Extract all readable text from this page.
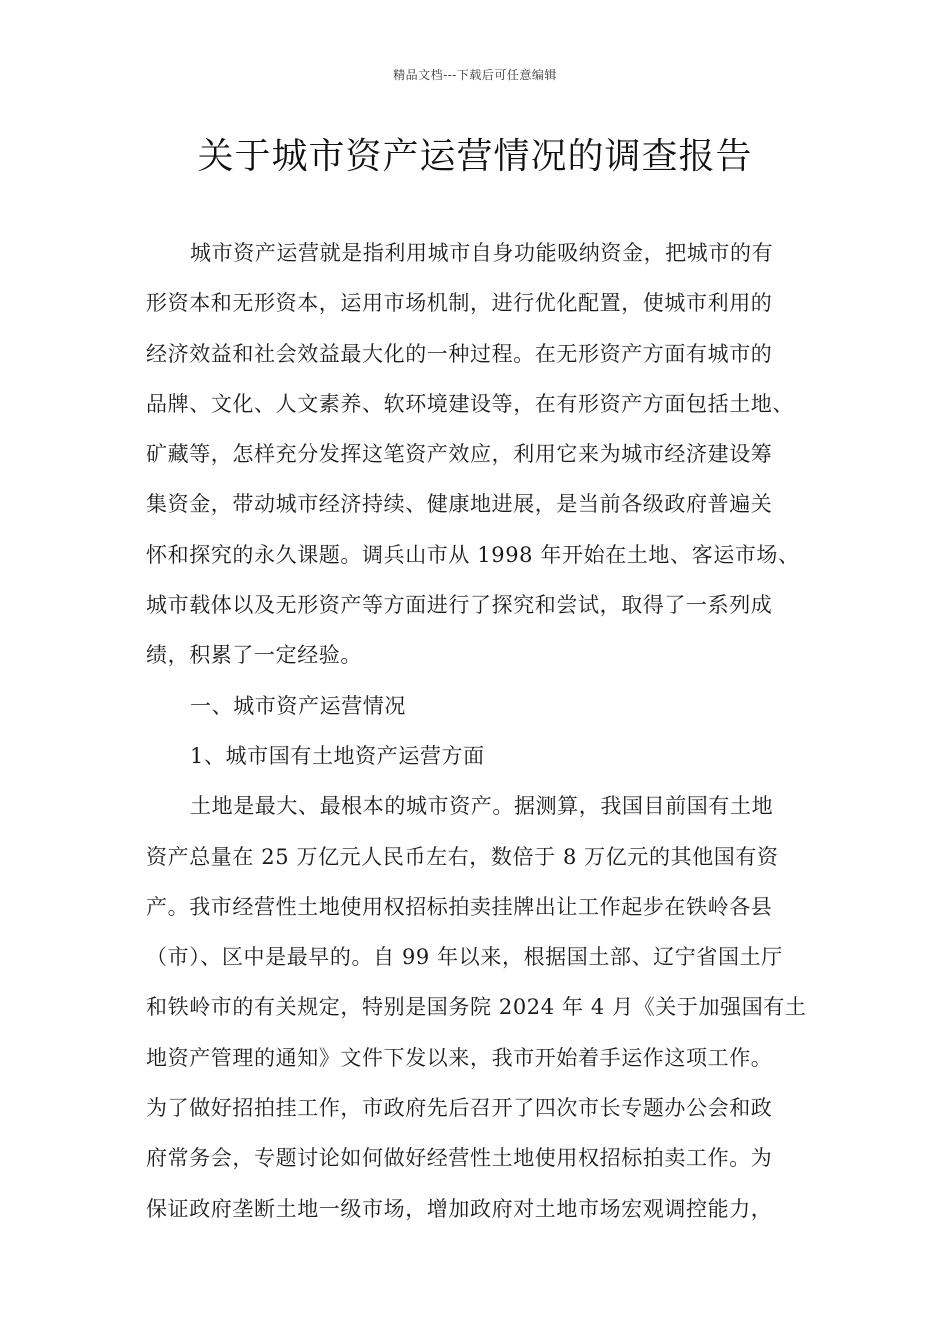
精品文档---下载后可任意编辑
关于城市资产运营情况的调查报告
城市资产运营就是指利用城市自身功能吸纳资金，把城市的有
形资本和无形资本，运用市场机制，进行优化配置，使城市利用的
经济效益和社会效益最大化的一种过程。在无形资产方面有城市的
品牌、文化、人文素养、软环境建设等，在有形资产方面包括土地、
矿藏等，怎样充分发挥这笔资产效应，利用它来为城市经济建设筹
集资金，带动城市经济持续、健康地进展，是当前各级政府普遍关
怀和探究的永久课题。调兵山市从 1998 年开始在土地、客运市场、
城市载体以及无形资产等方面进行了探究和尝试，取得了一系列成
绩，积累了一定经验。
一、城市资产运营情况
1、城市国有土地资产运营方面
土地是最大、最根本的城市资产。据测算，我国目前国有土地
资产总量在 25 万亿元人民币左右，数倍于 8 万亿元的其他国有资
产。我市经营性土地使用权招标拍卖挂牌出让工作起步在铁岭各县
（市）、区中是最早的。自 99 年以来，根据国土部、辽宁省国土厅
和铁岭市的有关规定，特别是国务院 2024 年 4 月《关于加强国有土
地资产管理的通知》文件下发以来，我市开始着手运作这项工作。
为了做好招拍挂工作，市政府先后召开了四次市长专题办公会和政
府常务会，专题讨论如何做好经营性土地使用权招标拍卖工作。为
保证政府垄断土地一级市场，增加政府对土地市场宏观调控能力，
